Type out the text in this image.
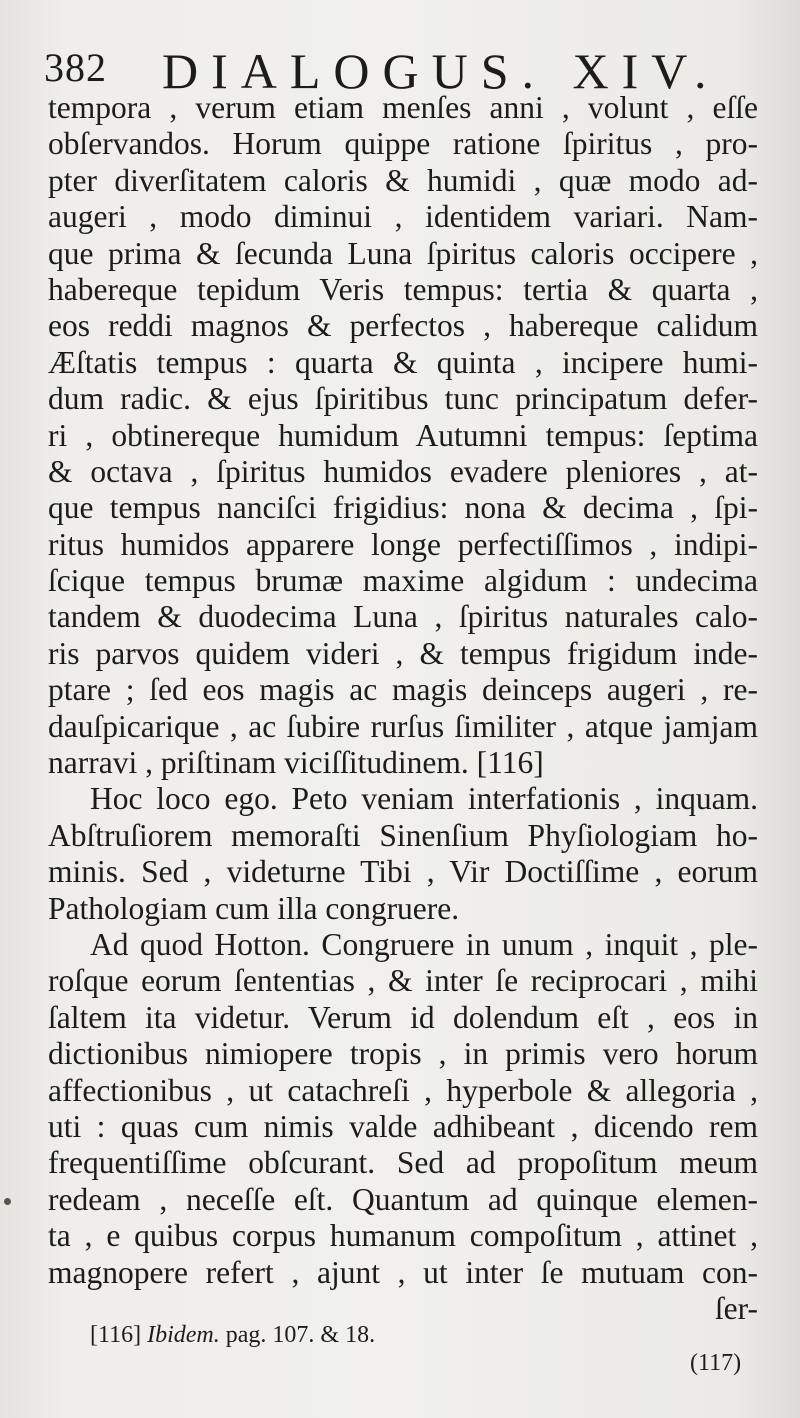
382 DIALOGUS. XIV.
tempora , verum etiam menſes anni , volunt , eſſe
obſervandos. Horum quippe ratione ſpiritus , pro-
pter diverſitatem caloris & humidi , quæ modo ad-
augeri , modo diminui , identidem variari. Nam-
que prima & ſecunda Luna ſpiritus caloris occipere ,
habereque tepidum Veris tempus: tertia & quarta ,
eos reddi magnos & perfectos , habereque calidum
Æſtatis tempus : quarta & quinta , incipere humi-
dum radic. & ejus ſpiritibus tunc principatum defer-
ri , obtinereque humidum Autumni tempus: ſeptima
& octava , ſpiritus humidos evadere pleniores , at-
que tempus nanciſci frigidius: nona & decima , ſpi-
ritus humidos apparere longe perfectiſſimos , indipi-
ſcique tempus brumæ maxime algidum : undecima
tandem & duodecima Luna , ſpiritus naturales calo-
ris parvos quidem videri , & tempus frigidum inde-
ptare ; ſed eos magis ac magis deinceps augeri , re-
dauſpicarique , ac ſubire rurſus ſimiliter , atque jamjam
narravi , priſtinam viciſſitudinem. [116]
Hoc loco ego. Peto veniam interfationis , inquam.
Abſtruſiorem memoraſti Sinenſium Phyſiologiam ho-
minis. Sed , videturne Tibi , Vir Doctiſſime , eorum
Pathologiam cum illa congruere.
Ad quod Hotton. Congruere in unum , inquit , ple-
roſque eorum ſententias , & inter ſe reciprocari , mihi
ſaltem ita videtur. Verum id dolendum eſt , eos in
dictionibus nimiopere tropis , in primis vero horum
affectionibus , ut catachreſi , hyperbole & allegoria ,
uti : quas cum nimis valde adhibeant , dicendo rem
frequentiſſime obſcurant. Sed ad propoſitum meum
redeam , neceſſe eſt. Quantum ad quinque elemen-
ta , e quibus corpus humanum compoſitum , attinet ,
magnopere refert , ajunt , ut inter ſe mutuam con-
ſer-
[116] Ibidem. pag. 107. & 18.
(117)
